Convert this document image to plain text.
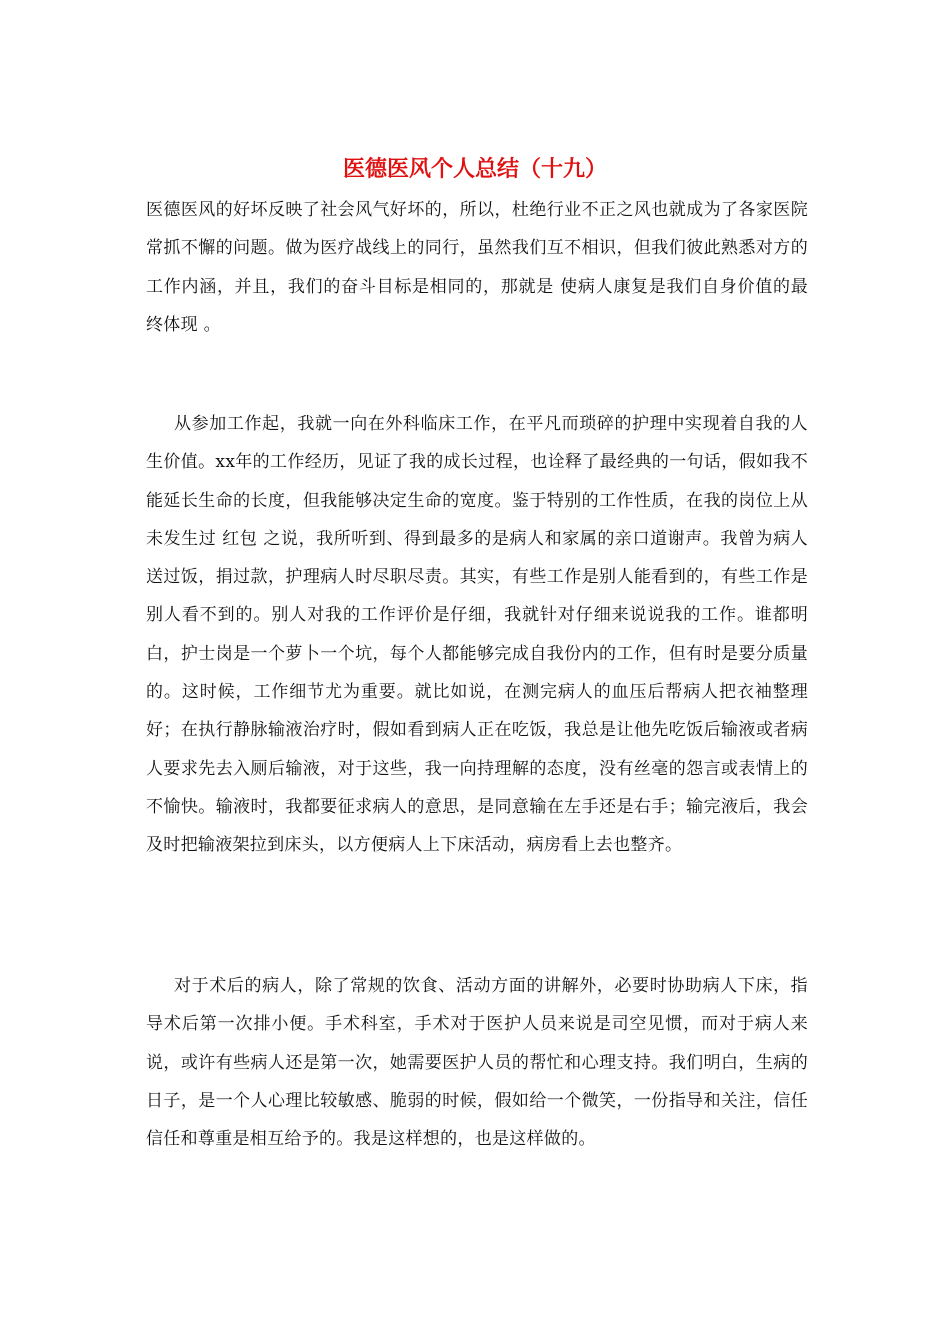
医德医风个人总结（十九）

医德医风的好坏反映了社会风气好坏的，所以，杜绝行业不正之风也就成为了各家医院常抓不懈的问题。做为医疗战线上的同行，虽然我们互不相识，但我们彼此熟悉对方的工作内涵，并且，我们的奋斗目标是相同的，那就是 使病人康复是我们自身价值的最终体现 。

从参加工作起，我就一向在外科临床工作，在平凡而琐碎的护理中实现着自我的人生价值。xx年的工作经历，见证了我的成长过程，也诠释了最经典的一句话，假如我不能延长生命的长度，但我能够决定生命的宽度。鉴于特别的工作性质，在我的岗位上从未发生过 红包 之说，我所听到、得到最多的是病人和家属的亲口道谢声。我曾为病人送过饭，捐过款，护理病人时尽职尽责。其实，有些工作是别人能看到的，有些工作是别人看不到的。别人对我的工作评价是仔细，我就针对仔细来说说我的工作。谁都明白，护士岗是一个萝卜一个坑，每个人都能够完成自我份内的工作，但有时是要分质量的。这时候，工作细节尤为重要。就比如说，在测完病人的血压后帮病人把衣袖整理好；在执行静脉输液治疗时，假如看到病人正在吃饭，我总是让他先吃饭后输液或者病人要求先去入厕后输液，对于这些，我一向持理解的态度，没有丝毫的怨言或表情上的不愉快。输液时，我都要征求病人的意思，是同意输在左手还是右手；输完液后，我会及时把输液架拉到床头，以方便病人上下床活动，病房看上去也整齐。

对于术后的病人，除了常规的饮食、活动方面的讲解外，必要时协助病人下床，指导术后第一次排小便。手术科室，手术对于医护人员来说是司空见惯，而对于病人来说，或许有些病人还是第一次，她需要医护人员的帮忙和心理支持。我们明白，生病的日子，是一个人心理比较敏感、脆弱的时候，假如给一个微笑，一份指导和关注，信任信任和尊重是相互给予的。我是这样想的，也是这样做的。
